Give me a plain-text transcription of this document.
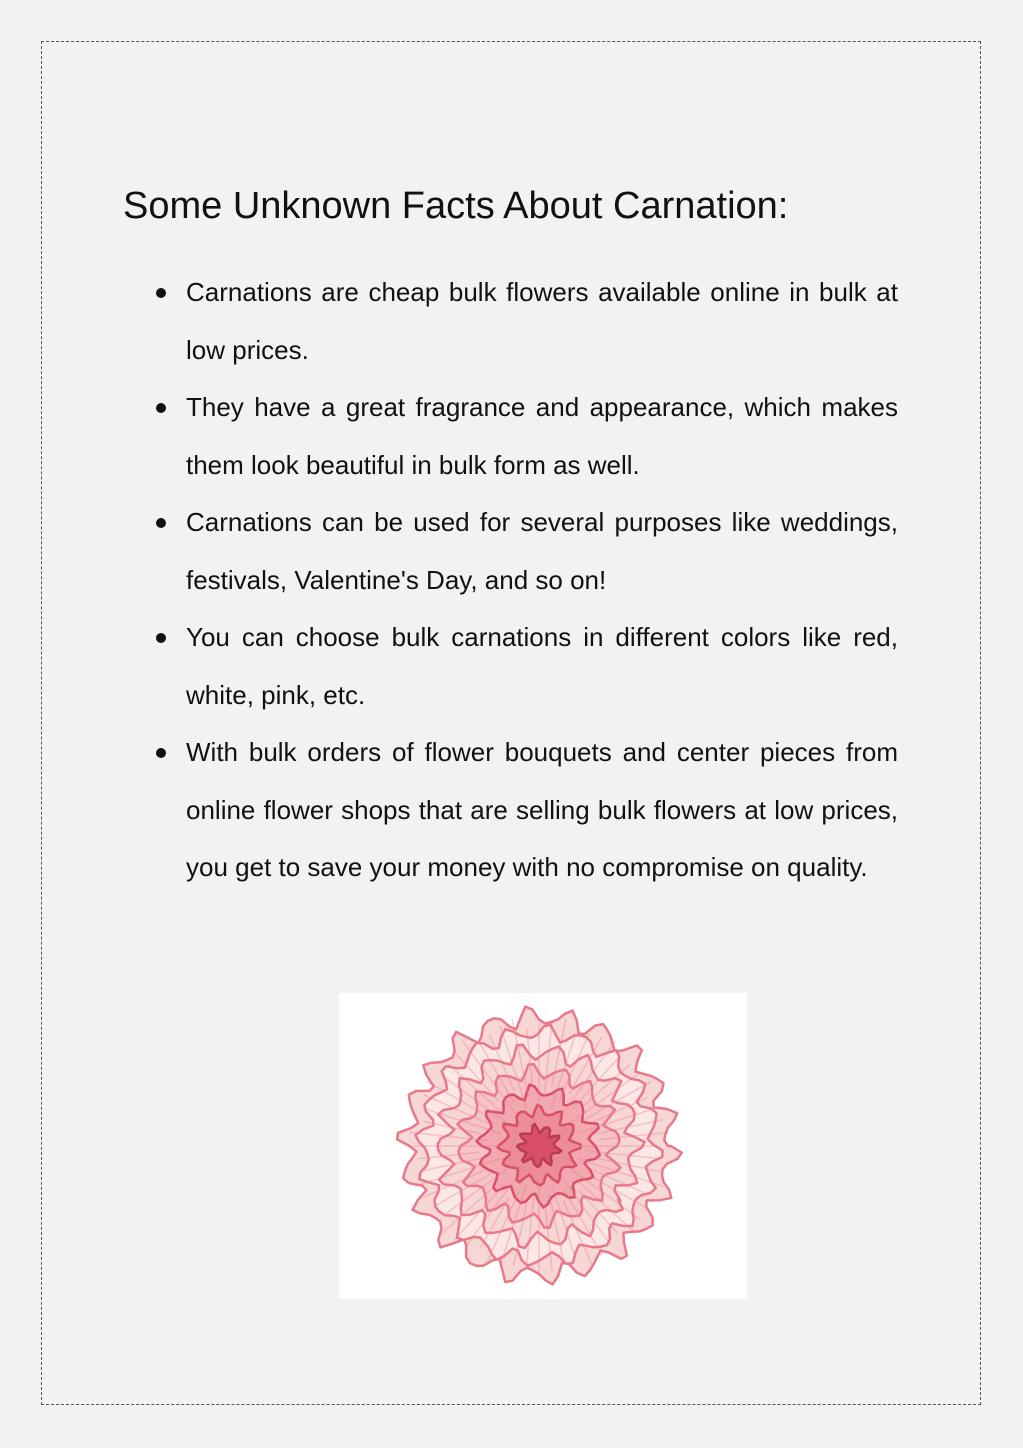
Some Unknown Facts About Carnation:
Carnations are cheap bulk flowers available online in bulk at low prices.
They have a great fragrance and appearance, which makes them look beautiful in bulk form as well.
Carnations can be used for several purposes like weddings, festivals, Valentine's Day, and so on!
You can choose bulk carnations in different colors like red, white, pink, etc.
With bulk orders of flower bouquets and center pieces from online flower shops that are selling bulk flowers at low prices, you get to save your money with no compromise on quality.
